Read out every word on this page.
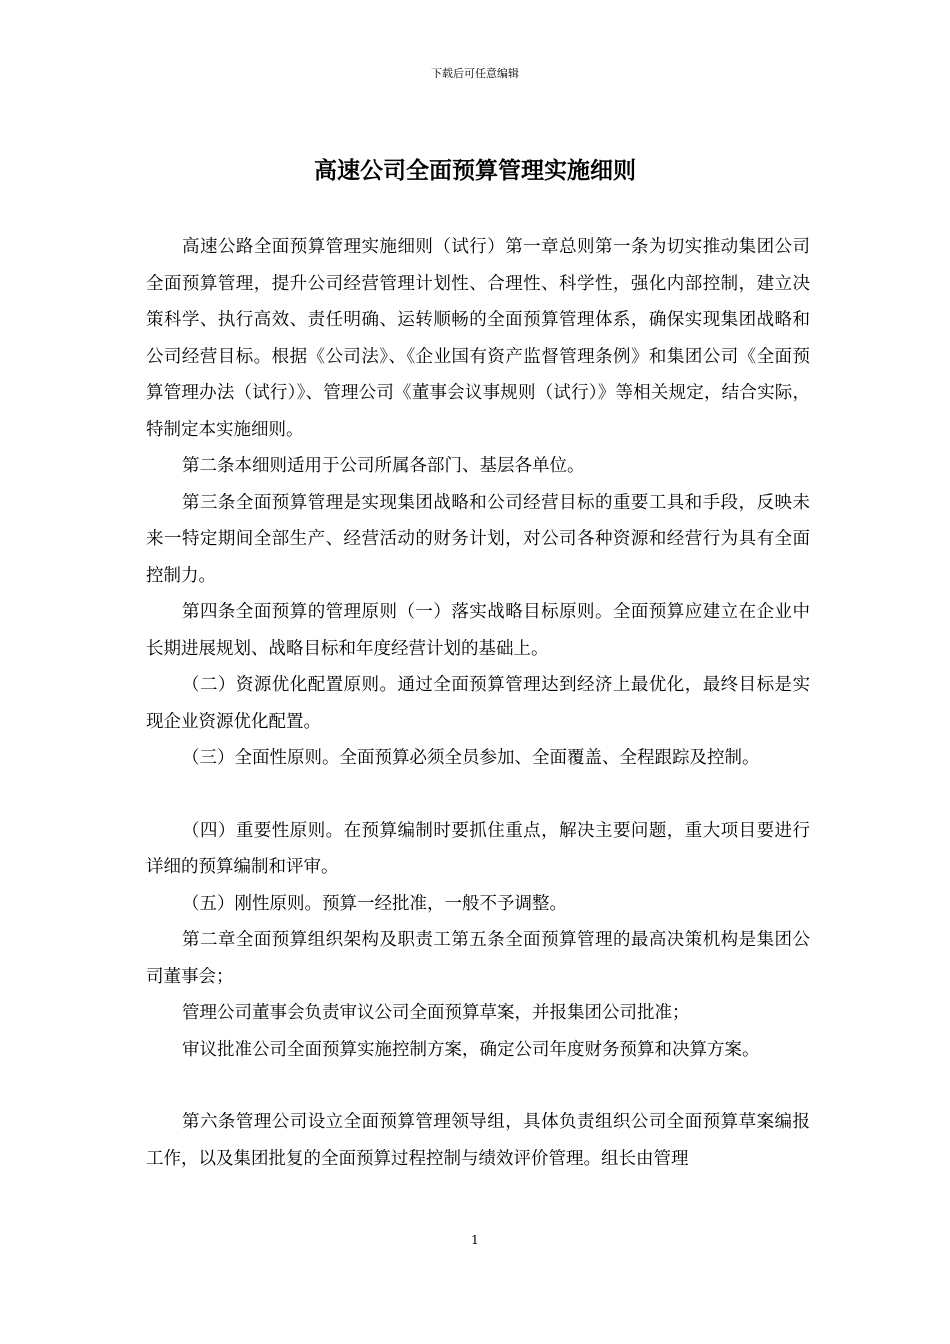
下载后可任意编辑
高速公司全面预算管理实施细则

高速公路全面预算管理实施细则（试行）第一章总则第一条为切实推动集团公司全面预算管理，提升公司经营管理计划性、合理性、科学性，强化内部控制，建立决策科学、执行高效、责任明确、运转顺畅的全面预算管理体系，确保实现集团战略和公司经营目标。根据《公司法》、《企业国有资产监督管理条例》和集团公司《全面预算管理办法（试行）》、管理公司《董事会议事规则（试行）》等相关规定，结合实际，特制定本实施细则。

第二条本细则适用于公司所属各部门、基层各单位。

第三条全面预算管理是实现集团战略和公司经营目标的重要工具和手段，反映未来一特定期间全部生产、经营活动的财务计划，对公司各种资源和经营行为具有全面控制力。

第四条全面预算的管理原则（一）落实战略目标原则。全面预算应建立在企业中长期进展规划、战略目标和年度经营计划的基础上。

（二）资源优化配置原则。通过全面预算管理达到经济上最优化，最终目标是实现企业资源优化配置。

（三）全面性原则。全面预算必须全员参加、全面覆盖、全程跟踪及控制。

（四）重要性原则。在预算编制时要抓住重点，解决主要问题，重大项目要进行详细的预算编制和评审。

（五）刚性原则。预算一经批准，一般不予调整。

第二章全面预算组织架构及职责工第五条全面预算管理的最高决策机构是集团公司董事会；

管理公司董事会负责审议公司全面预算草案，并报集团公司批准；

审议批准公司全面预算实施控制方案，确定公司年度财务预算和决算方案。

第六条管理公司设立全面预算管理领导组，具体负责组织公司全面预算草案编报工作，以及集团批复的全面预算过程控制与绩效评价管理。组长由管理

1
